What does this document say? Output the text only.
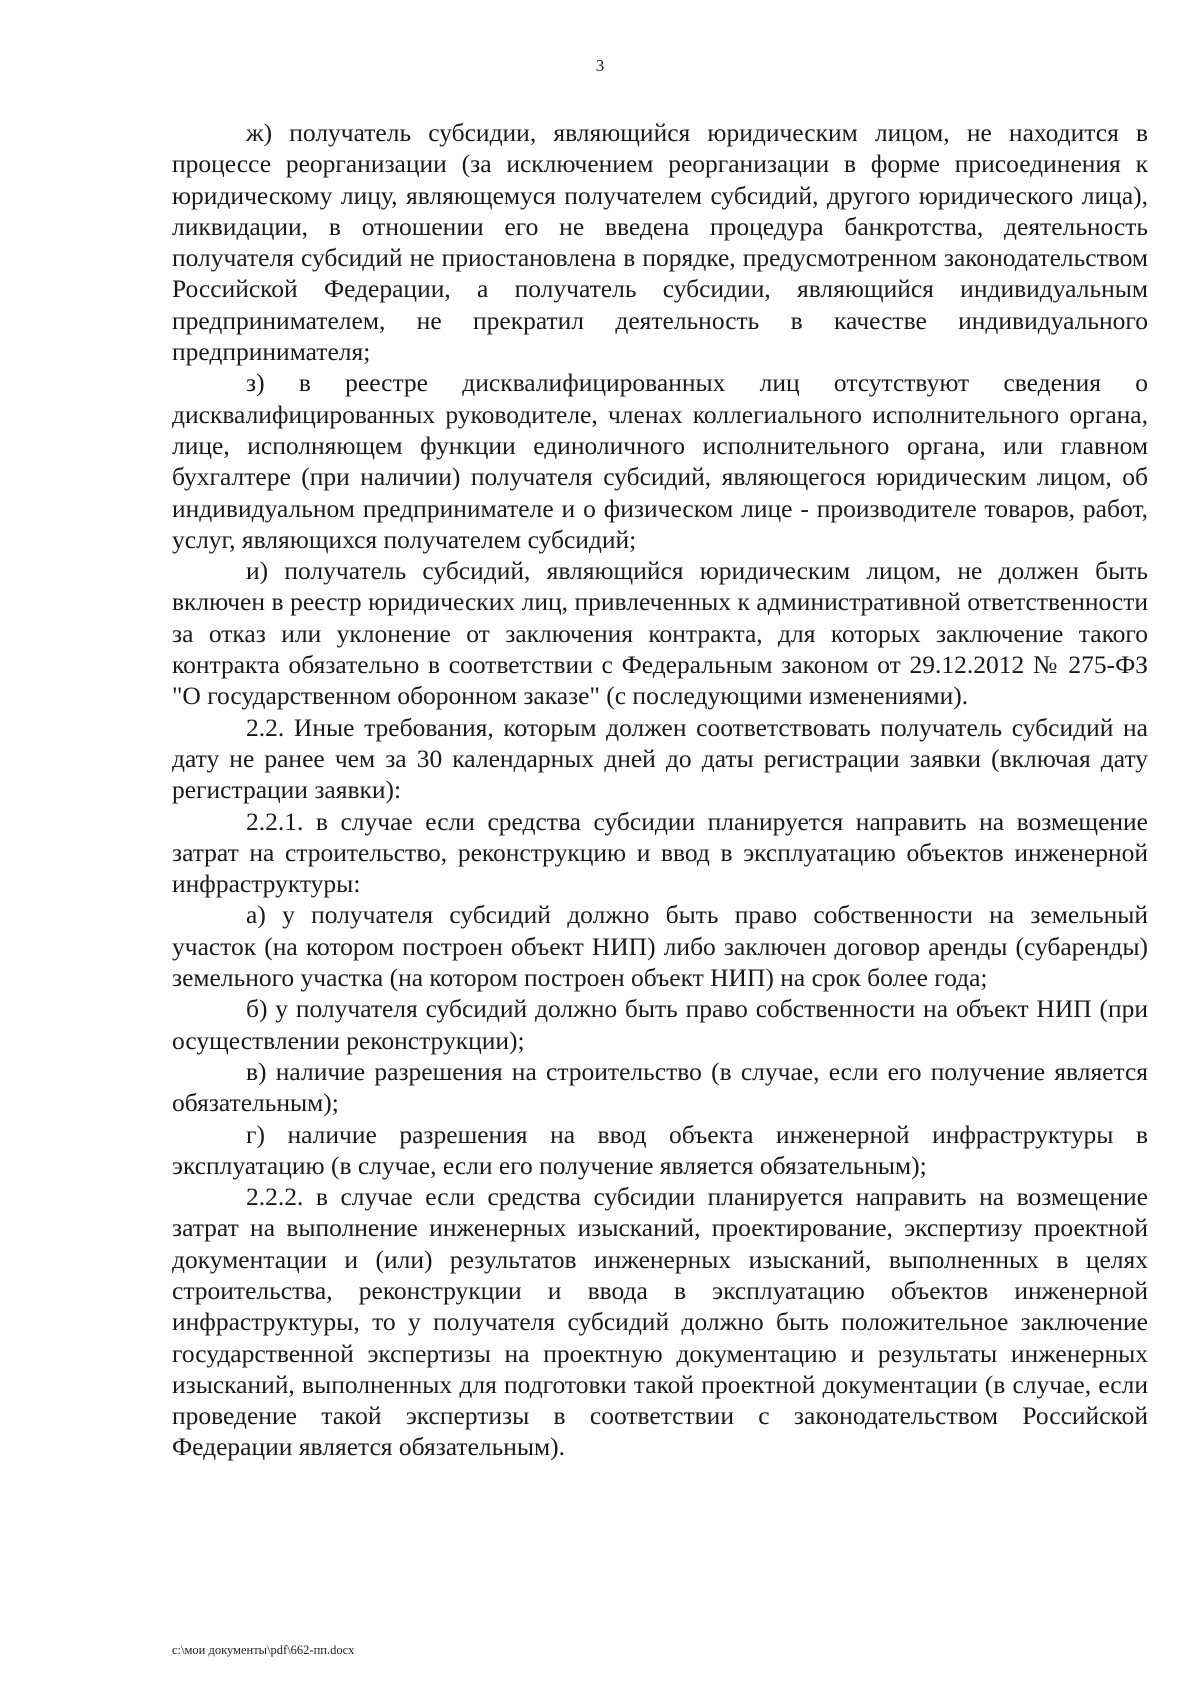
3

ж) получатель субсидии, являющийся юридическим лицом, не находится в процессе реорганизации (за исключением реорганизации в форме присоединения к юридическому лицу, являющемуся получателем субсидий, другого юридического лица), ликвидации, в отношении его не введена процедура банкротства, деятельность получателя субсидий не приостановлена в порядке, предусмотренном законодательством Российской Федерации, а получатель субсидии, являющийся индивидуальным предпринимателем, не прекратил деятельность в качестве индивидуального предпринимателя;

з) в реестре дисквалифицированных лиц отсутствуют сведения о дисквалифицированных руководителе, членах коллегиального исполнительного органа, лице, исполняющем функции единоличного исполнительного органа, или главном бухгалтере (при наличии) получателя субсидий, являющегося юридическим лицом, об индивидуальном предпринимателе и о физическом лице - производителе товаров, работ, услуг, являющихся получателем субсидий;

и) получатель субсидий, являющийся юридическим лицом, не должен быть включен в реестр юридических лиц, привлеченных к административной ответственности за отказ или уклонение от заключения контракта, для которых заключение такого контракта обязательно в соответствии с Федеральным законом от 29.12.2012 № 275-ФЗ "О государственном оборонном заказе" (с последующими изменениями).

2.2. Иные требования, которым должен соответствовать получатель субсидий на дату не ранее чем за 30 календарных дней до даты регистрации заявки (включая дату регистрации заявки):

2.2.1. в случае если средства субсидии планируется направить на возмещение затрат на строительство, реконструкцию и ввод в эксплуатацию объектов инженерной инфраструктуры:

а) у получателя субсидий должно быть право собственности на земельный участок (на котором построен объект НИП) либо заключен договор аренды (субаренды) земельного участка (на котором построен объект НИП) на срок более года;

б) у получателя субсидий должно быть право собственности на объект НИП (при осуществлении реконструкции);

в) наличие разрешения на строительство (в случае, если его получение является обязательным);

г) наличие разрешения на ввод объекта инженерной инфраструктуры в эксплуатацию (в случае, если его получение является обязательным);

2.2.2. в случае если средства субсидии планируется направить на возмещение затрат на выполнение инженерных изысканий, проектирование, экспертизу проектной документации и (или) результатов инженерных изысканий, выполненных в целях строительства, реконструкции и ввода в эксплуатацию объектов инженерной инфраструктуры, то у получателя субсидий должно быть положительное заключение государственной экспертизы на проектную документацию и результаты инженерных изысканий, выполненных для подготовки такой проектной документации (в случае, если проведение такой экспертизы в соответствии с законодательством Российской Федерации является обязательным).

c:\мои документы\pdf\662-пп.docx
